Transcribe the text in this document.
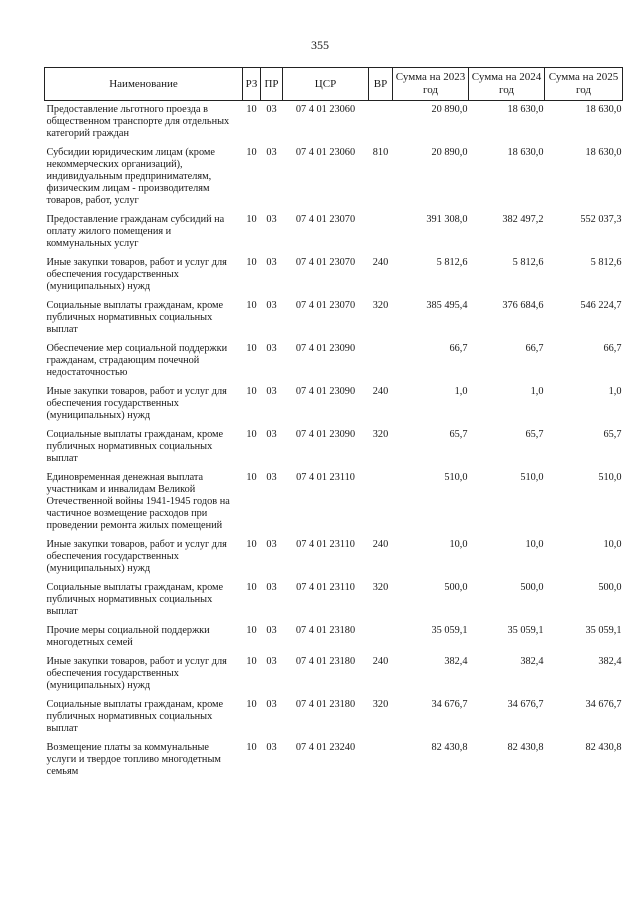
355
Наименование	РЗ	ПР	ЦСР	ВР	Сумма на 2023 год	Сумма на 2024 год	Сумма на 2025 год
Предоставление льготного проезда в общественном транспорте для отдельных категорий граждан	10	03	07 4 01 23060		20 890,0	18 630,0	18 630,0
Субсидии юридическим лицам (кроме некоммерческих организаций), индивидуальным предпринимателям, физическим лицам - производителям товаров, работ, услуг	10	03	07 4 01 23060	810	20 890,0	18 630,0	18 630,0
Предоставление гражданам субсидий на оплату жилого помещения и коммунальных услуг	10	03	07 4 01 23070		391 308,0	382 497,2	552 037,3
Иные закупки товаров, работ и услуг для обеспечения государственных (муниципальных) нужд	10	03	07 4 01 23070	240	5 812,6	5 812,6	5 812,6
Социальные выплаты гражданам, кроме публичных нормативных социальных выплат	10	03	07 4 01 23070	320	385 495,4	376 684,6	546 224,7
Обеспечение мер социальной поддержки гражданам, страдающим почечной недостаточностью	10	03	07 4 01 23090		66,7	66,7	66,7
Иные закупки товаров, работ и услуг для обеспечения государственных (муниципальных) нужд	10	03	07 4 01 23090	240	1,0	1,0	1,0
Социальные выплаты гражданам, кроме публичных нормативных социальных выплат	10	03	07 4 01 23090	320	65,7	65,7	65,7
Единовременная денежная выплата участникам и инвалидам Великой Отечественной войны 1941-1945 годов на частичное возмещение расходов при проведении ремонта жилых помещений	10	03	07 4 01 23110		510,0	510,0	510,0
Иные закупки товаров, работ и услуг для обеспечения государственных (муниципальных) нужд	10	03	07 4 01 23110	240	10,0	10,0	10,0
Социальные выплаты гражданам, кроме публичных нормативных социальных выплат	10	03	07 4 01 23110	320	500,0	500,0	500,0
Прочие меры социальной поддержки многодетных семей	10	03	07 4 01 23180		35 059,1	35 059,1	35 059,1
Иные закупки товаров, работ и услуг для обеспечения государственных (муниципальных) нужд	10	03	07 4 01 23180	240	382,4	382,4	382,4
Социальные выплаты гражданам, кроме публичных нормативных социальных выплат	10	03	07 4 01 23180	320	34 676,7	34 676,7	34 676,7
Возмещение платы за коммунальные услуги и твердое топливо многодетным семьям	10	03	07 4 01 23240		82 430,8	82 430,8	82 430,8
